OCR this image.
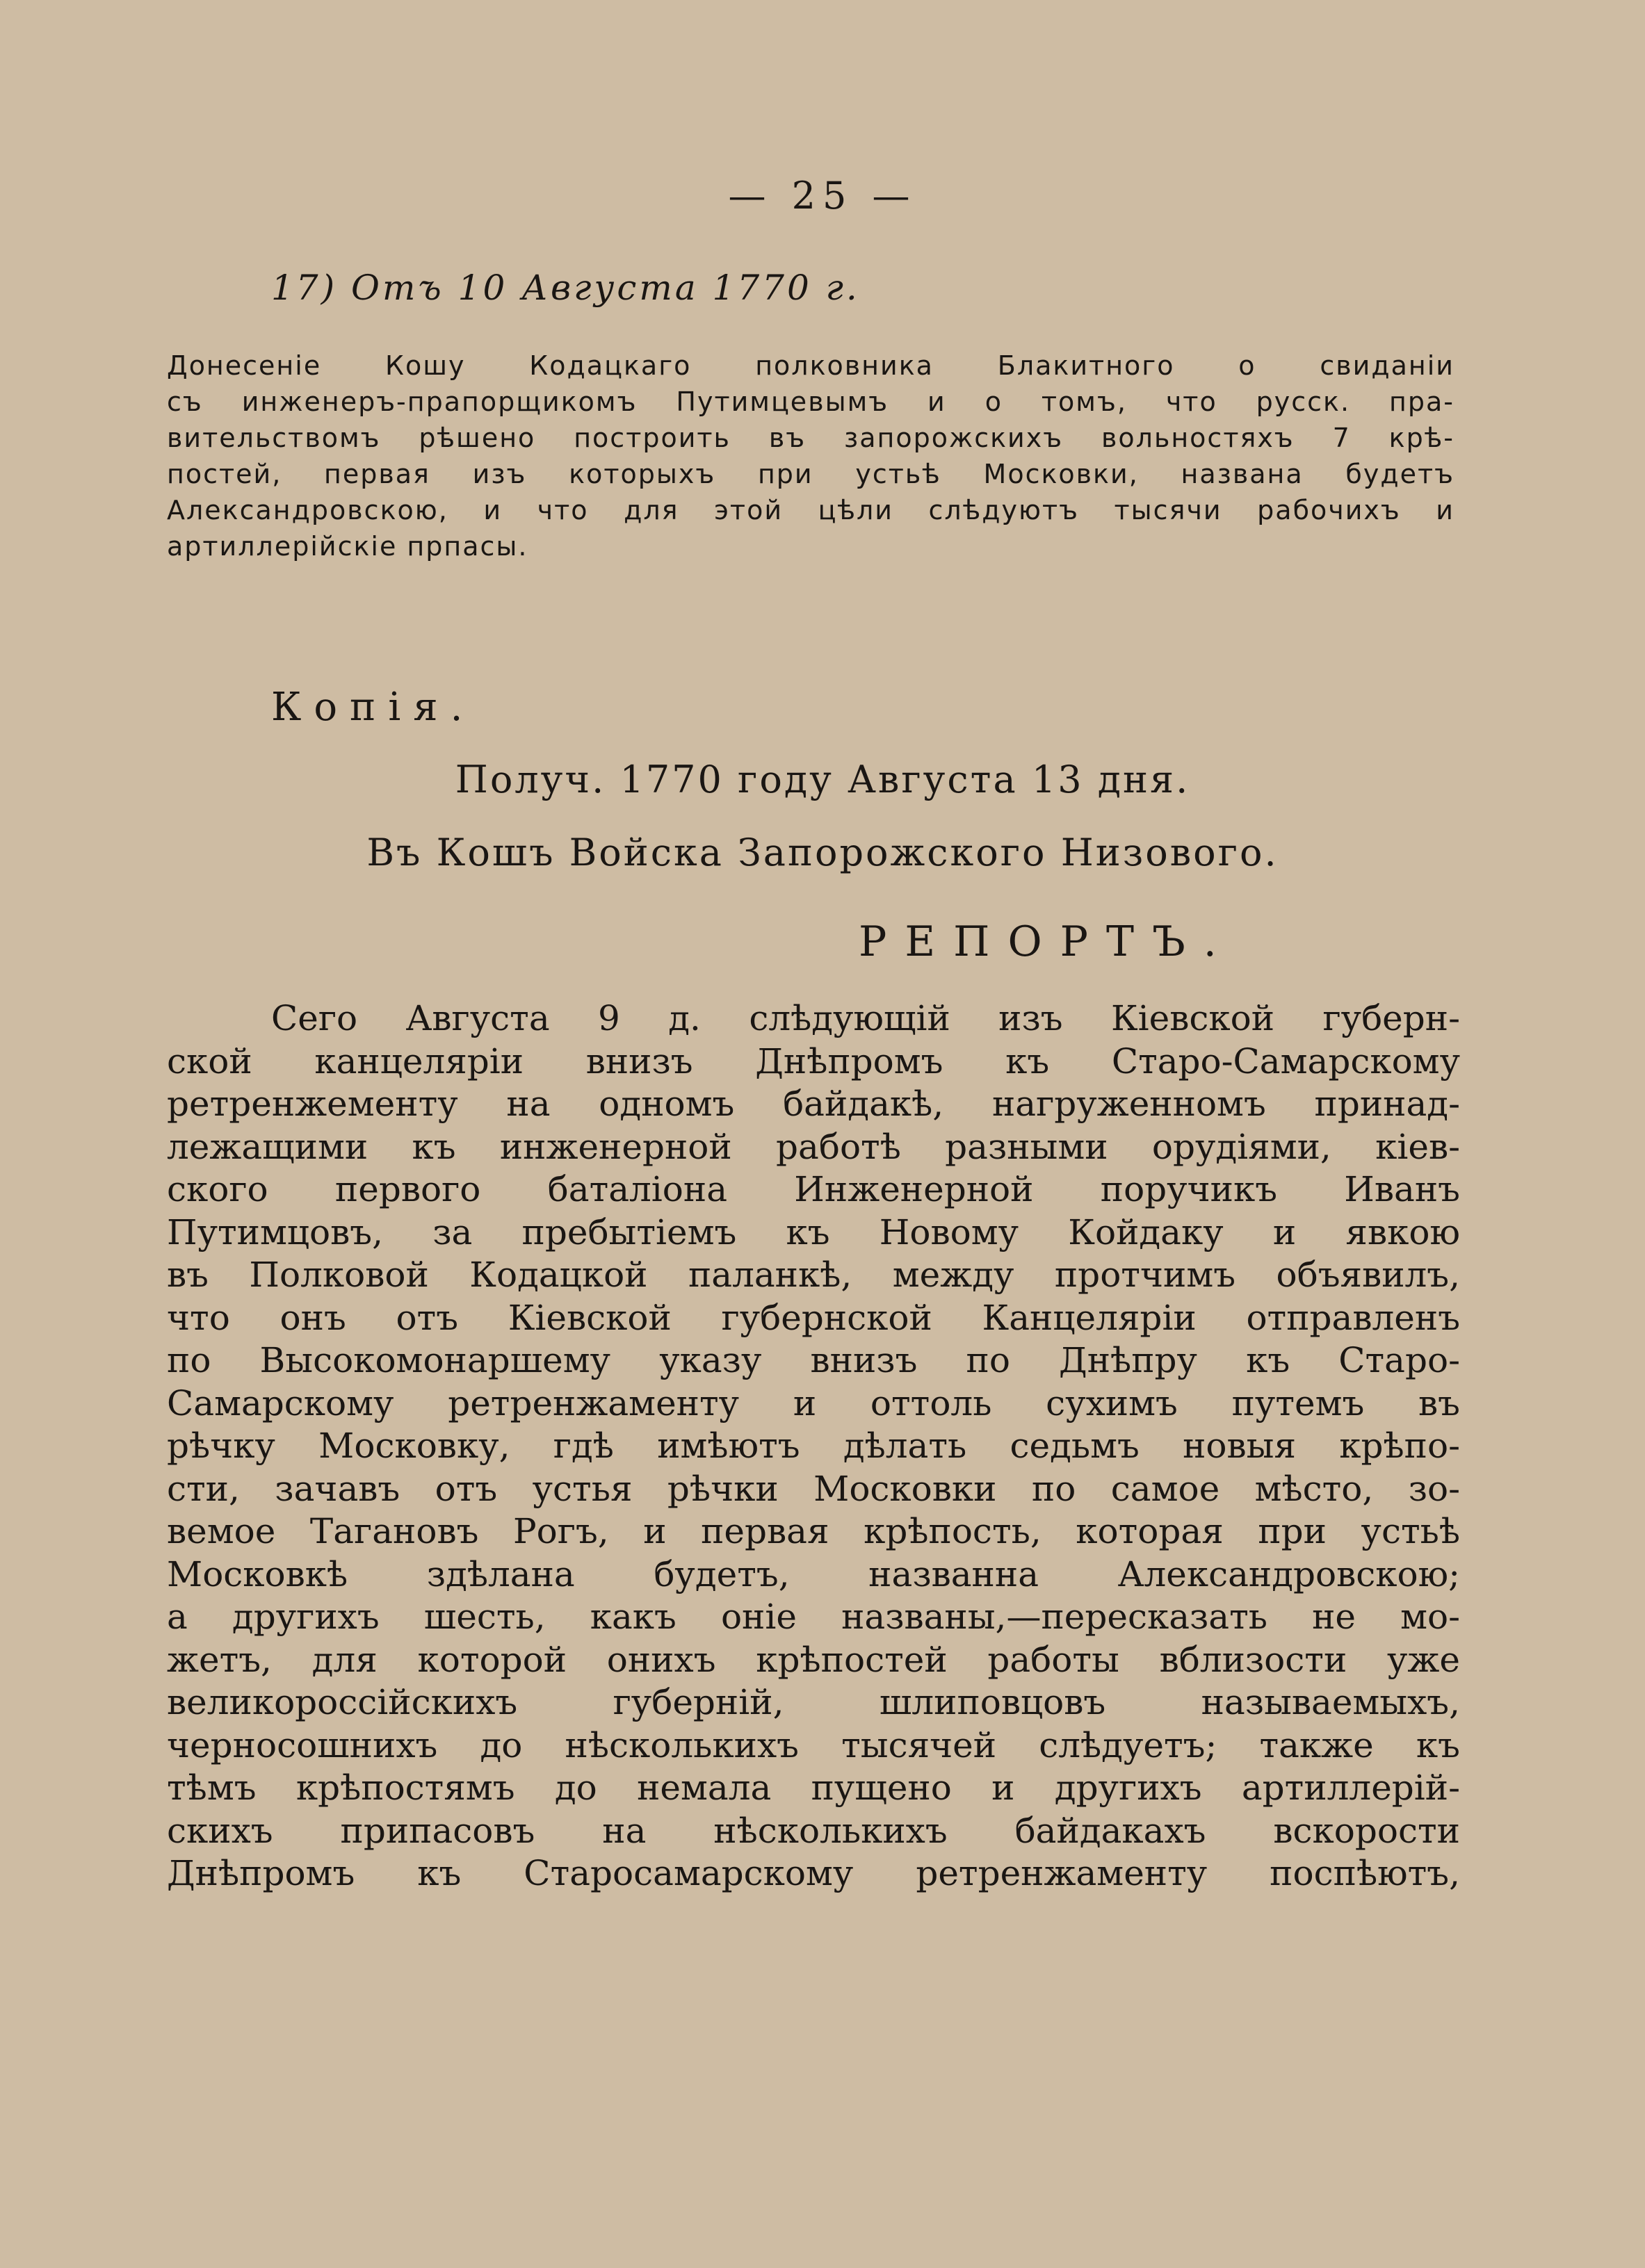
— 25 —
17) Отъ 10 Августа 1770 г.
Донесеніе Кошу Кодацкаго полковника Блакитного о свиданіи
съ инженеръ-прапорщикомъ Путимцевымъ и о томъ, что русск. пра-
вительствомъ рѣшено построить въ запорожскихъ вольностяхъ 7 крѣ-
постей, первая изъ которыхъ при устьѣ Московки, названа будетъ
Александровскою, и что для этой цѣли слѣдуютъ тысячи рабочихъ и
артиллерійскіе прпасы.
Копія.
Получ. 1770 году Августа 13 дня.
Въ Кошъ Войска Запорожского Низового.
РЕПОРТЪ.
Сего Августа 9 д. слѣдующій изъ Кіевской губерн-
ской канцеляріи внизъ Днѣпромъ къ Старо-Самарскому
ретренжементу на одномъ байдакѣ, нагруженномъ принад-
лежащими къ инженерной работѣ разными орудіями, кіев-
ского первого баталіона Инженерной поручикъ Иванъ
Путимцовъ, за пребытіемъ къ Новому Койдаку и явкою
въ Полковой Кодацкой паланкѣ, между протчимъ объявилъ,
что онъ отъ Кіевской губернской Канцеляріи отправленъ
по Высокомонаршему указу внизъ по Днѣпру къ Старо-
Самарскому ретренжаменту и оттоль сухимъ путемъ въ
рѣчку Московку, гдѣ имѣютъ дѣлать седьмъ новыя крѣпо-
сти, зачавъ отъ устья рѣчки Московки по самое мѣсто, зо-
вемое Тагановъ Рогъ, и первая крѣпость, которая при устьѣ
Московкѣ здѣлана будетъ, названна Александровскою;
а другихъ шесть, какъ оніе названы,—пересказать не мо-
жетъ, для которой онихъ крѣпостей работы вблизости уже
великороссійскихъ губерній, шлиповцовъ называемыхъ,
черносошнихъ до нѣсколькихъ тысячей слѣдуетъ; также къ
тѣмъ крѣпостямъ до немала пущено и другихъ артиллерій-
скихъ припасовъ на нѣсколькихъ байдакахъ вскорости
Днѣпромъ къ Старосамарскому ретренжаменту поспѣютъ,
